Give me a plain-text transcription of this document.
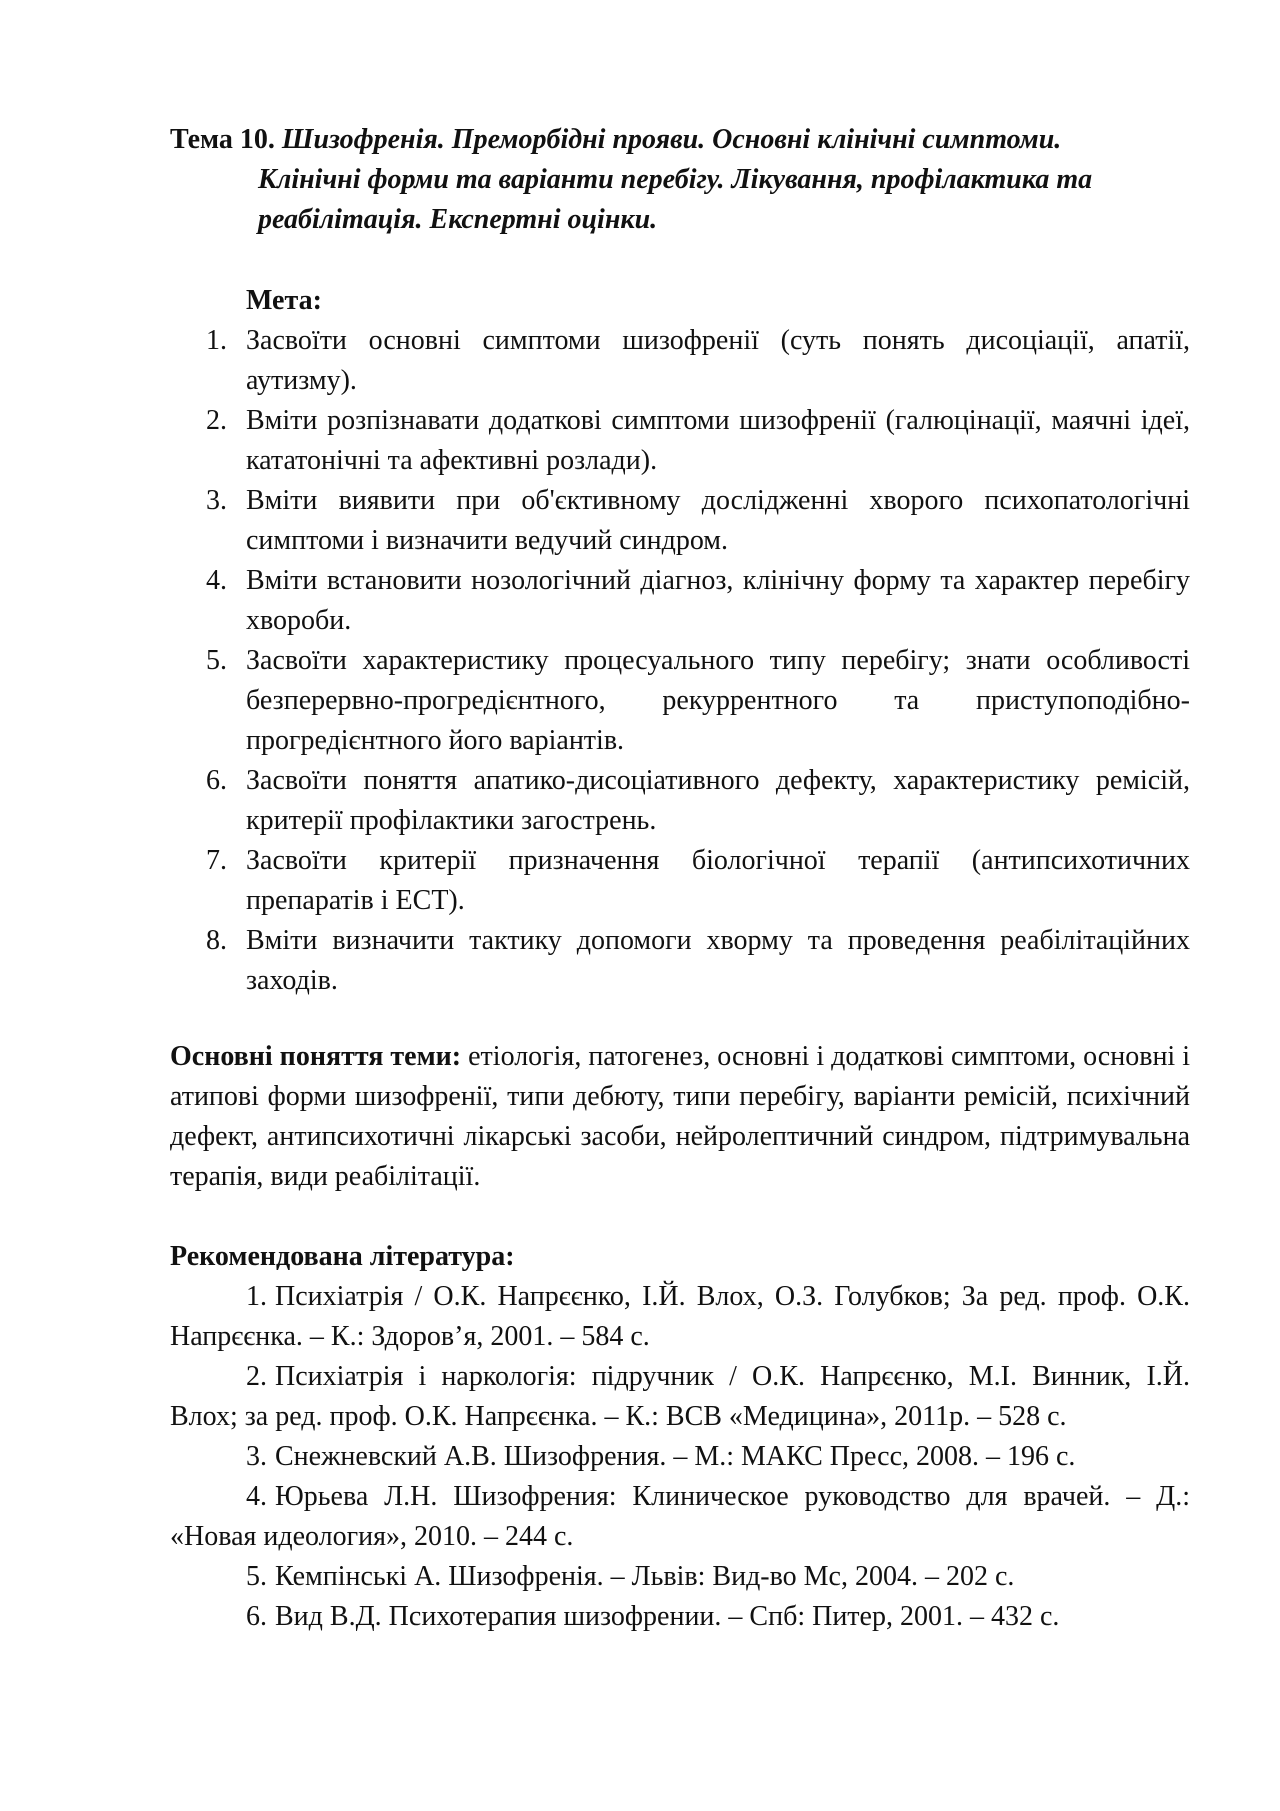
Тема 10. Шизофренія. Преморбідні прояви. Основні клінічні симптоми.
Клінічні форми та варіанти перебігу. Лікування, профілактика та
реабілітація. Експертні оцінки.
Мета:
1. Засвоїти основні симптоми шизофренії (суть понять дисоціації, апатії, аутизму).
2. Вміти розпізнавати додаткові симптоми шизофренії (галюцінації, маячні ідеї, кататонічні та афективні розлади).
3. Вміти виявити при об'єктивному дослідженні хворого психопатологічні симптоми і визначити ведучий синдром.
4. Вміти встановити нозологічний діагноз, клінічну форму та характер перебігу хвороби.
5. Засвоїти характеристику процесуального типу перебігу; знати особливості безперервно-прогредієнтного, рекуррентного та приступоподібно-прогредієнтного його варіантів.
6. Засвоїти поняття апатико-дисоціативного дефекту, характеристику ремісій, критерії профілактики загострень.
7. Засвоїти критерії призначення біологічної терапії (антипсихотичних препаратів і ЕСТ).
8. Вміти визначити тактику допомоги хворму та проведення реабілітаційних заходів.
Основні поняття теми: етіологія, патогенез, основні і додаткові симптоми, основні і атипові форми шизофренії, типи дебюту, типи перебігу, варіанти ремісій, психічний дефект, антипсихотичні лікарські засоби, нейролептичний синдром, підтримувальна терапія, види реабілітації.
Рекомендована література:
1. Психіатрія / О.К. Напрєєнко, І.Й. Влох, О.З. Голубков; За ред. проф. О.К. Напрєєнка. – К.: Здоров’я, 2001. – 584 с.
2. Психіатрія і наркологія: підручник / О.К. Напрєєнко, М.І. Винник, І.Й. Влох; за ред. проф. О.К. Напрєєнка. – К.: ВСВ «Медицина», 2011р. – 528 с.
3. Снежневский А.В. Шизофрения. – М.: МАКС Пресс, 2008. – 196 с.
4. Юрьева Л.Н. Шизофрения: Клиническое руководство для врачей. – Д.: «Новая идеология», 2010. – 244 с.
5. Кемпінські А. Шизофренія. – Львів: Вид-во Мс, 2004. – 202 с.
6. Вид В.Д. Психотерапия шизофрении. – Спб: Питер, 2001. – 432 с.
